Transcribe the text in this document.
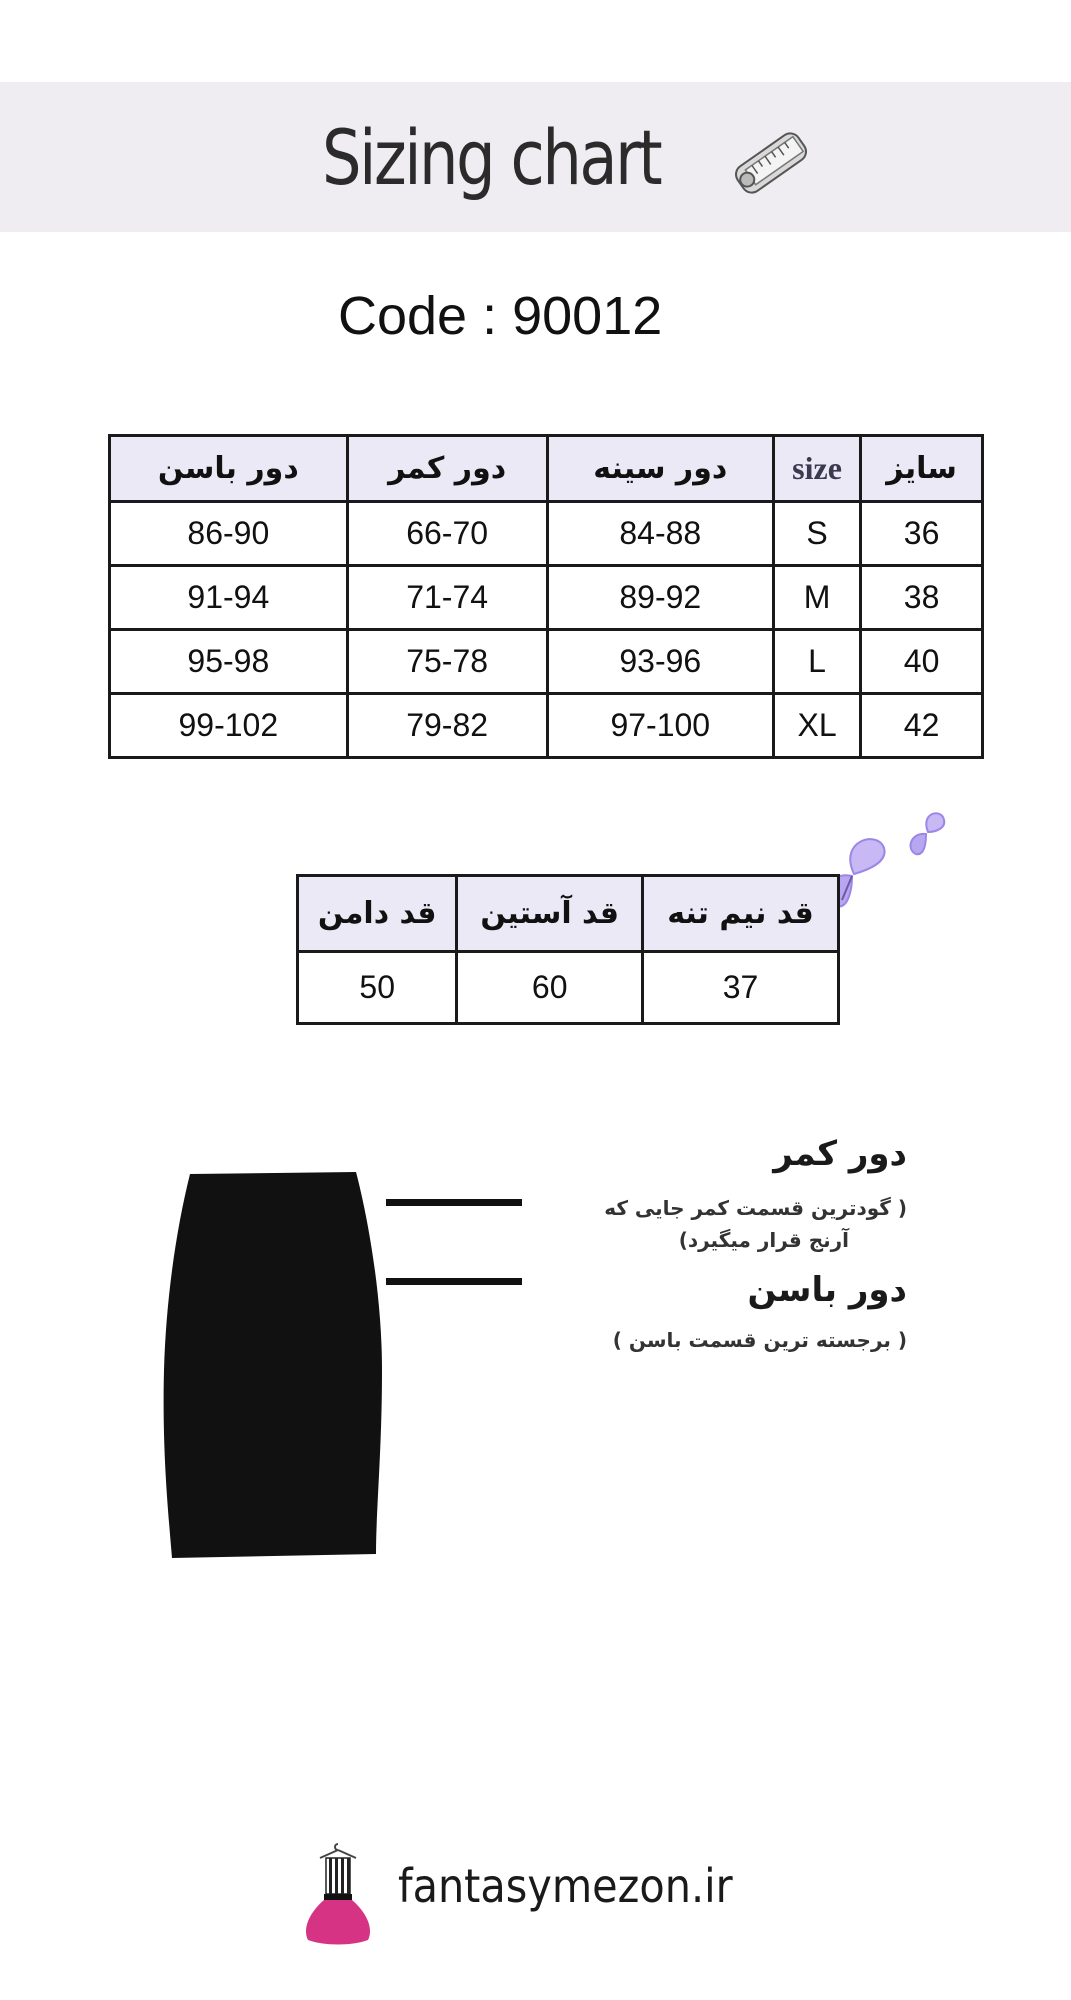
Sizing chart
Code : 90012
دور باسن	دور کمر	دور سینه	size	سایز
86-90	66-70	84-88	S	36
91-94	71-74	89-92	M	38
95-98	75-78	93-96	L	40
99-102	79-82	97-100	XL	42
قد دامن	قد آستین	قد نیم تنه
50	60	37
دور کمر
( گودترین قسمت کمر جایی که
آرنج قرار میگیرد)
دور باسن
( برجسته ترین قسمت باسن )
fantasymezon.ir
